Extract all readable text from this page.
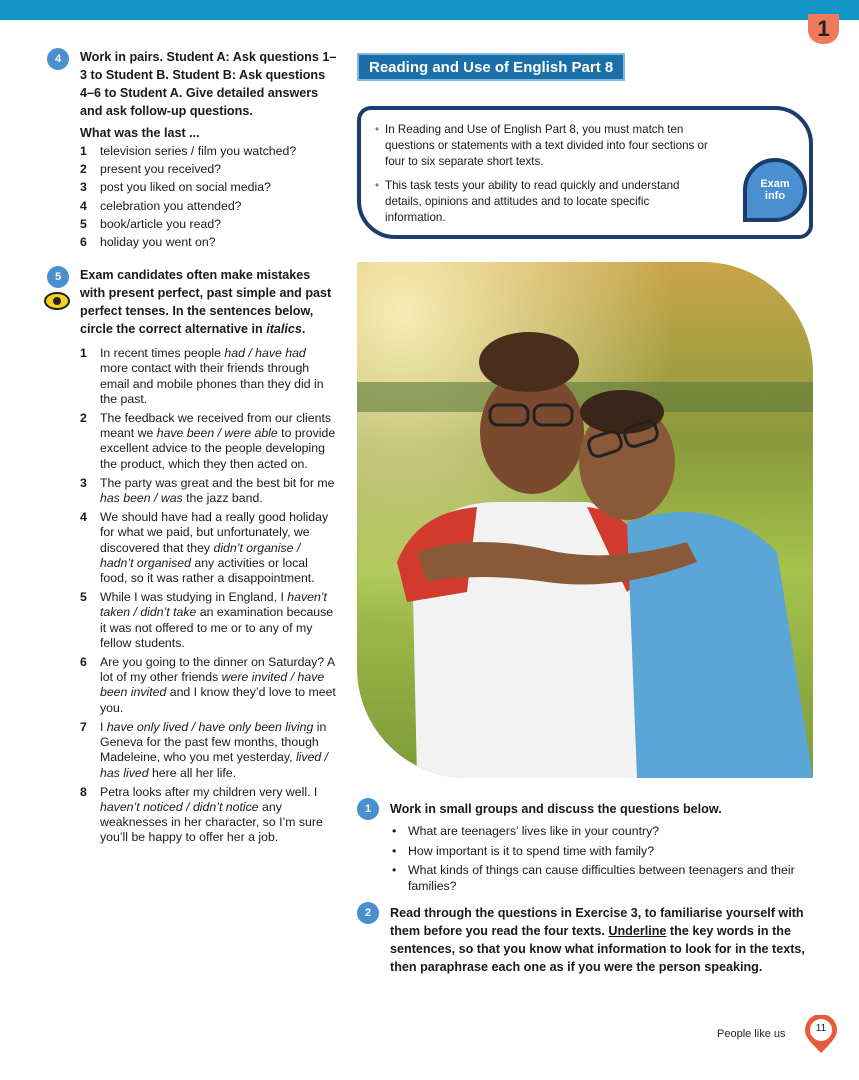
1
4	Work in pairs. Student A: Ask questions 1–3 to Student B. Student B: Ask questions 4–6 to Student A. Give detailed answers and ask follow-up questions.
What was the last ...
1 television series / film you watched?
2 present you received?
3 post you liked on social media?
4 celebration you attended?
5 book/article you read?
6 holiday you went on?
5	Exam candidates often make mistakes with present perfect, past simple and past perfect tenses. In the sentences below, circle the correct alternative in italics.
1 In recent times people had / have had more contact with their friends through email and mobile phones than they did in the past.
2 The feedback we received from our clients meant we have been / were able to provide excellent advice to the people developing the product, which they then acted on.
3 The party was great and the best bit for me has been / was the jazz band.
4 We should have had a really good holiday for what we paid, but unfortunately, we discovered that they didn’t organise / hadn’t organised any activities or local food, so it was rather a disappointment.
5 While I was studying in England, I haven’t taken / didn’t take an examination because it was not offered to me or to any of my fellow students.
6 Are you going to the dinner on Saturday? A lot of my other friends were invited / have been invited and I know they’d love to meet you.
7 I have only lived / have only been living in Geneva for the past few months, though Madeleine, who you met yesterday, lived / has lived here all her life.
8 Petra looks after my children very well. I haven’t noticed / didn’t notice any weaknesses in her character, so I’m sure you’ll be happy to offer her a job.
Reading and Use of English Part 8

• In Reading and Use of English Part 8, you must match ten questions or statements with a text divided into four sections or four to six separate short texts.

• This task tests your ability to read quickly and understand details, opinions and attitudes and to locate specific information.

Exam
info
1	Work in small groups and discuss the questions below.
• What are teenagers’ lives like in your country?
• How important is it to spend time with family?
• What kinds of things can cause difficulties between teenagers and their families?
2	Read through the questions in Exercise 3, to familiarise yourself with them before you read the four texts. Underline the key words in the sentences, so that you know what information to look for in the texts, then paraphrase each one as if you were the person speaking.
People like us	11
